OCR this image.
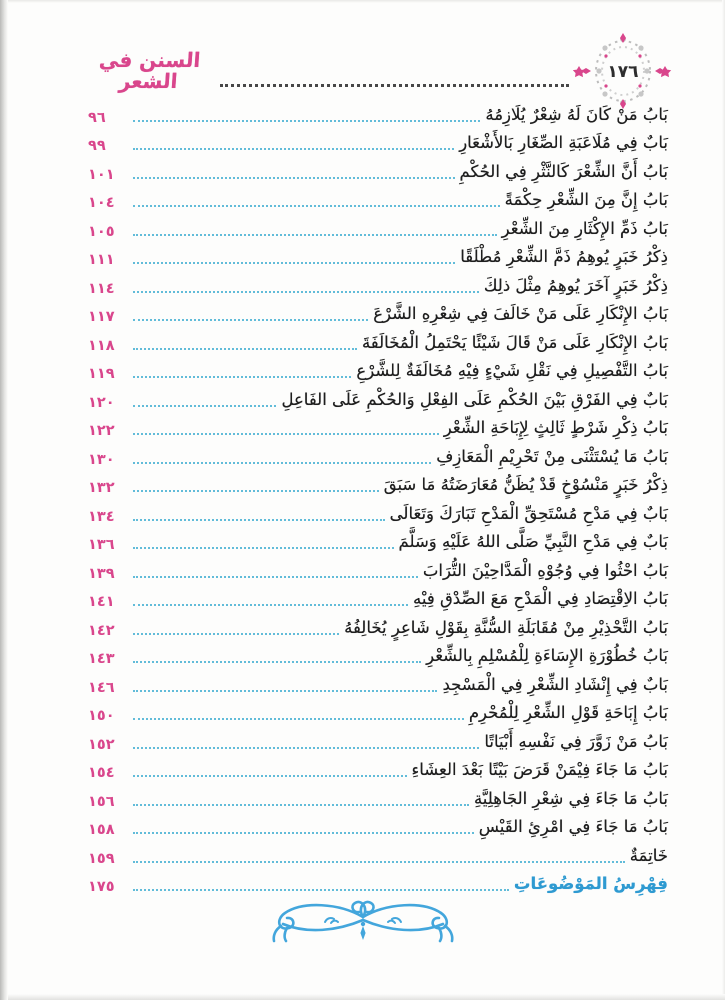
السنن في الشعر	١٧٦
بَابُ مَنْ كَانَ لَهُ شِعْرٌ يُلَازِمُهُ
٩٦
بَابٌ فِي مُلَاعَبَةِ الصِّغَارِ بَالأَشْعَارِ
٩٩
بَابُ أَنَّ الشِّعْرَ كَالنَّثْرِ فِي الحُكْمِ
١٠١
بَابُ إِنَّ مِنَ الشِّعْرِ حِكْمَةً
١٠٤
بَابُ ذَمِّ الإِكْثَارِ مِنَ الشِّعْرِ
١٠٥
ذِكْرُ خَبَرٍ يُوهِمُ ذَمَّ الشِّعْرِ مُطْلَقًا
١١١
ذِكْرُ خَبَرٍ آخَرَ يُوهِمُ مِثْلَ ذلِكَ
١١٤
بَابُ الإِنْكَارِ عَلَى مَنْ خَالَفَ فِي شِعْرِهِ الشَّرْعَ
١١٧
بَابُ الإِنْكَارِ عَلَى مَنْ قَالَ شَيْئًا يَحْتَمِلُ الْمُخَالَفَةَ
١١٨
بَابُ التَّفْصِيلِ فِي نَقْلِ شَيْءٍ فِيْهِ مُخَالَفَةٌ لِلشَّرْعِ
١١٩
بَابٌ فِي الفَرْقِ بَيْنَ الحُكْمِ عَلَى الفِعْلِ وَالحُكْمِ عَلَى الفَاعِلِ
١٢٠
بَابُ ذِكْرِ شَرْطٍ ثَالِثٍ لِإِبَاحَةِ الشِّعْرِ
١٢٢
بَابُ مَا يُسْتَثْنَى مِنْ تَحْرِيْمِ الْمَعَازِفِ
١٣٠
ذِكْرُ خَبَرٍ مَنْسُوْخٍ قَدْ يُظَنُّ مُعَارَضَتُهُ مَا سَبَقَ
١٣٢
بَابٌ فِي مَدْحِ مُسْتَحِقِّ الْمَدْحِ تَبَارَكَ وَتَعَالَى
١٣٤
بَابٌ فِي مَدْحِ النَّبِيِّ صَلَّى اللهُ عَلَيْهِ وَسَلَّمَ
١٣٦
بَابُ احْثُوا فِي وُجُوْهِ الْمَدَّاحِيْنَ التُّرَابَ
١٣٩
بَابُ الاِقْتِصَادِ فِي الْمَدْحِ مَعَ الصِّدْقِ فِيْهِ
١٤١
بَابُ التَّحْذِيْرِ مِنْ مُقَابَلَةِ السُّنَّةِ بِقَوْلِ شَاعِرٍ يُخَالِفُهُ
١٤٢
بَابُ خُطُوْرَةِ الإِسَاءَةِ لِلْمُسْلِمِ بِالشِّعْرِ
١٤٣
بَابٌ فِي إِنْشَادِ الشِّعْرِ فِي الْمَسْجِدِ
١٤٦
بَابُ إِبَاحَةِ قَوْلِ الشِّعْرِ لِلْمُحْرِمِ
١٥٠
بَابُ مَنْ زَوَّرَ فِي نَفْسِهِ أَبْيَاتًا
١٥٢
بَابُ مَا جَاءَ فِيْمَنْ قَرَضَ بَيْتًا بَعْدَ العِشَاءِ
١٥٤
بَابُ مَا جَاءَ فِي شِعْرِ الجَاهِلِيَّةِ
١٥٦
بَابُ مَا جَاءَ فِي امْرِئِ القَيْسِ
١٥٨
خَاتِمَةٌ
١٥٩
فِهْرِسُ المَوْضُوعَاتِ
١٧٥
